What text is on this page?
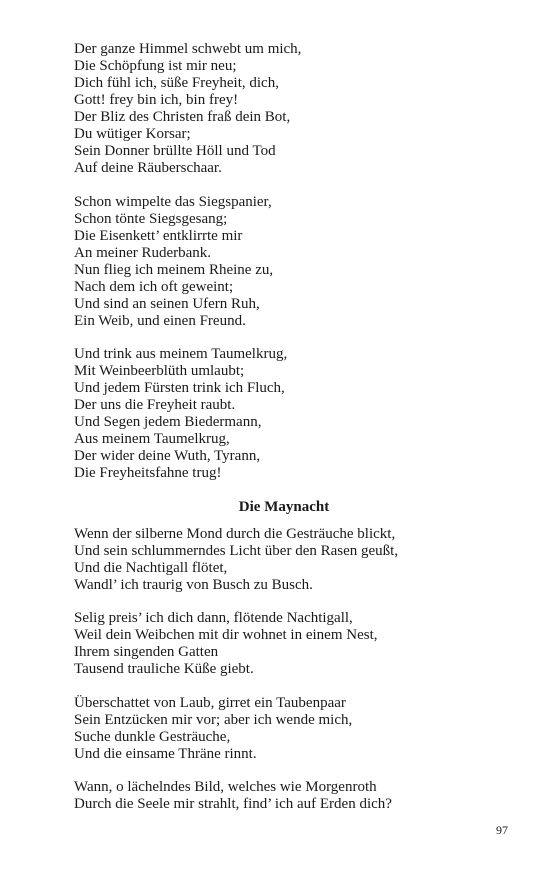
Der ganze Himmel schwebt um mich,
Die Schöpfung ist mir neu;
Dich fühl ich, süße Freyheit, dich,
Gott! frey bin ich, bin frey!
Der Bliz des Christen fraß dein Bot,
Du wütiger Korsar;
Sein Donner brüllte Höll und Tod
Auf deine Räuberschaar.
Schon wimpelte das Siegspanier,
Schon tönte Siegsgesang;
Die Eisenkett’ entklirrte mir
An meiner Ruderbank.
Nun flieg ich meinem Rheine zu,
Nach dem ich oft geweint;
Und sind an seinen Ufern Ruh,
Ein Weib, und einen Freund.
Und trink aus meinem Taumelkrug,
Mit Weinbeerblüth umlaubt;
Und jedem Fürsten trink ich Fluch,
Der uns die Freyheit raubt.
Und Segen jedem Biedermann,
Aus meinem Taumelkrug,
Der wider deine Wuth, Tyrann,
Die Freyheitsfahne trug!
Die Maynacht
Wenn der silberne Mond durch die Gesträuche blickt,
Und sein schlummerndes Licht über den Rasen geußt,
Und die Nachtigall flötet,
Wandl’ ich traurig von Busch zu Busch.
Selig preis’ ich dich dann, flötende Nachtigall,
Weil dein Weibchen mit dir wohnet in einem Nest,
Ihrem singenden Gatten
Tausend trauliche Küße giebt.
Überschattet von Laub, girret ein Taubenpaar
Sein Entzücken mir vor; aber ich wende mich,
Suche dunkle Gesträuche,
Und die einsame Thräne rinnt.
Wann, o lächelndes Bild, welches wie Morgenroth
Durch die Seele mir strahlt, find’ ich auf Erden dich?
97
